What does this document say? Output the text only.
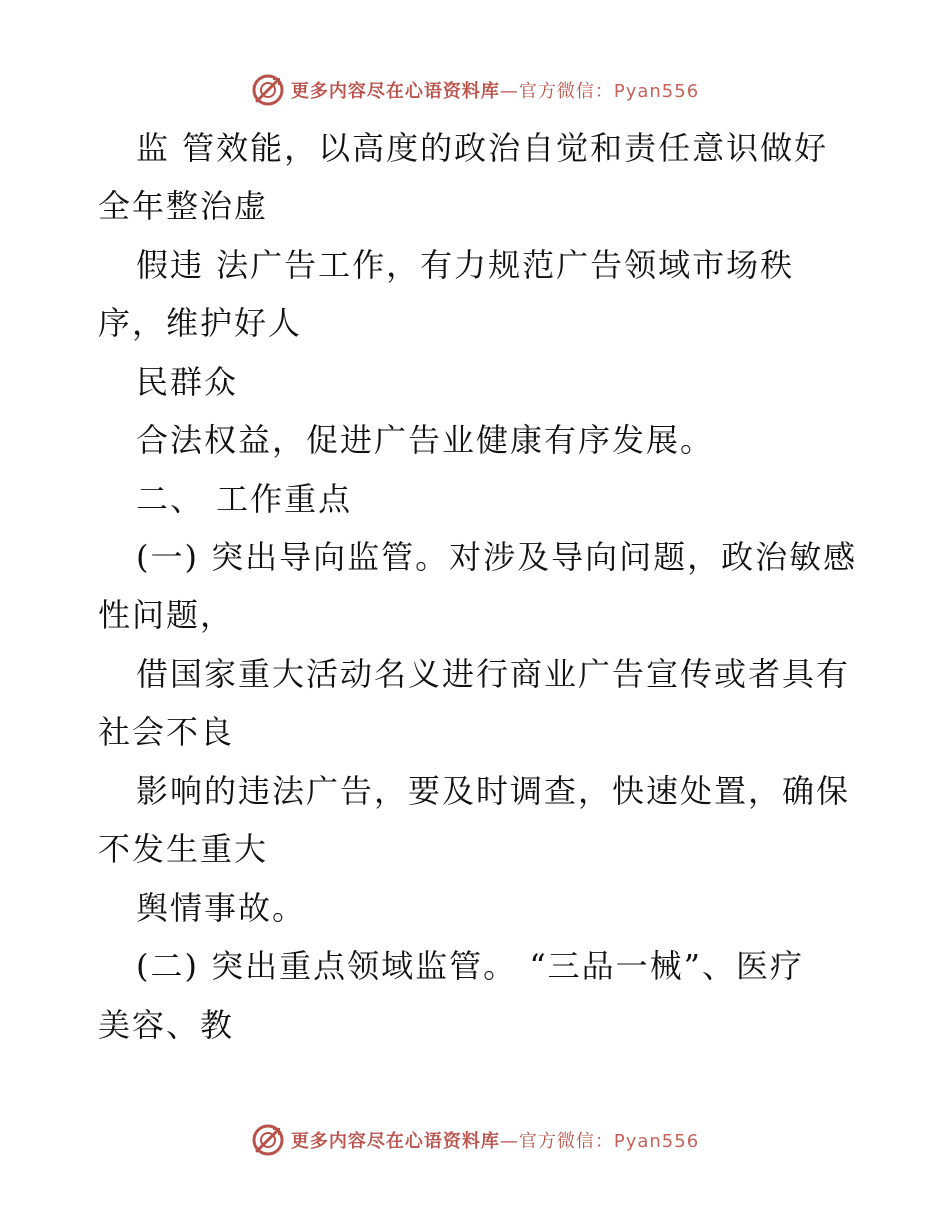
更多内容尽在心语资料库—官方微信：Pyan556
监 管效能，以高度的政治自觉和责任意识做好
全年整治虚
假违 法广告工作，有力规范广告领域市场秩
序，维护好人
民群众
合法权益，促进广告业健康有序发展。
二、 工作重点
(一) 突出导向监管。对涉及导向问题，政治敏感
性问题，
借国家重大活动名义进行商业广告宣传或者具有
社会不良
影响的违法广告，要及时调查，快速处置，确保
不发生重大
舆情事故。
(二) 突出重点领域监管。 “三品一械”、医疗
美容、教
更多内容尽在心语资料库—官方微信：Pyan556
